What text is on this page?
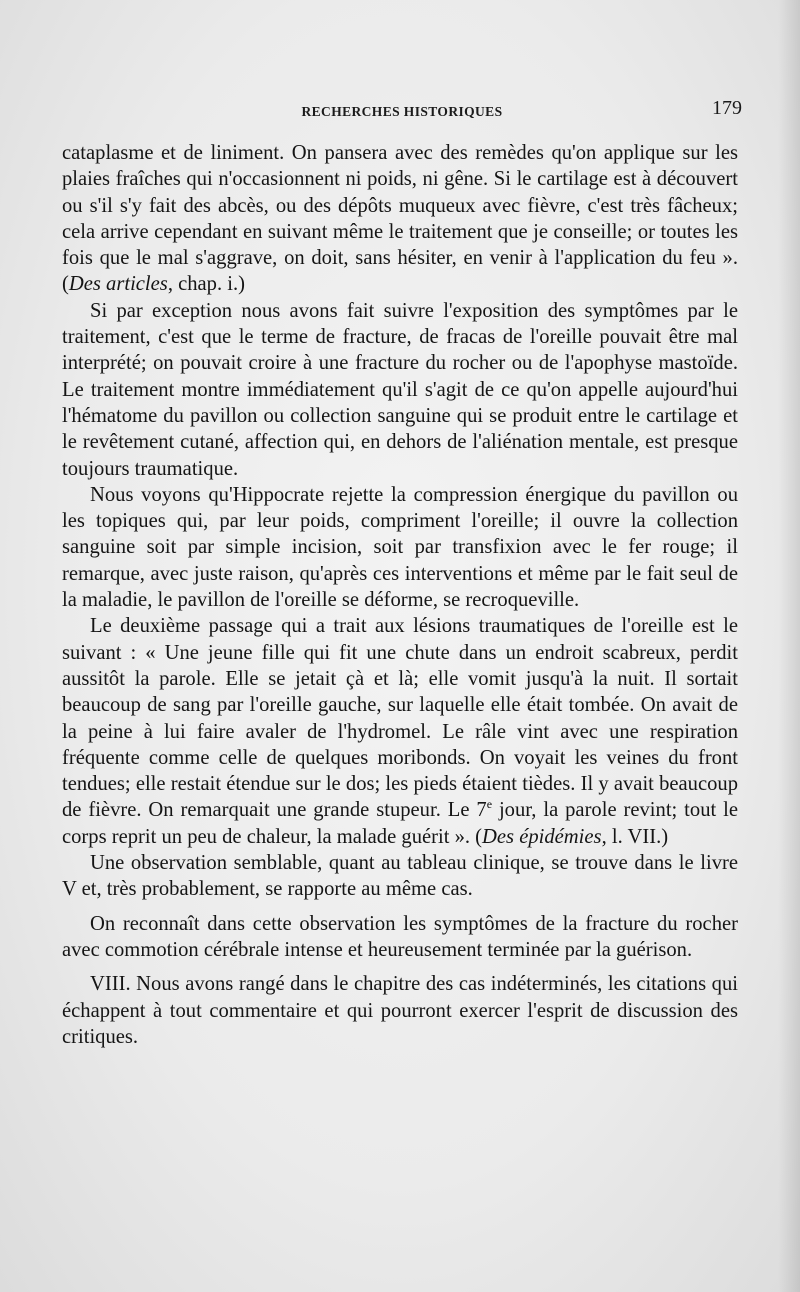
RECHERCHES HISTORIQUES	179

cataplasme et de liniment. On pansera avec des remèdes qu'on applique sur les plaies fraîches qui n'occasionnent ni poids, ni gêne. Si le cartilage est à découvert ou s'il s'y fait des abcès, ou des dépôts muqueux avec fièvre, c'est très fâcheux; cela arrive cependant en suivant même le traitement que je conseille; or toutes les fois que le mal s'aggrave, on doit, sans hésiter, en venir à l'application du feu ». (Des articles, chap. i.)

Si par exception nous avons fait suivre l'exposition des symptômes par le traitement, c'est que le terme de fracture, de fracas de l'oreille pouvait être mal interprété; on pouvait croire à une fracture du rocher ou de l'apophyse mastoïde. Le traitement montre immédiatement qu'il s'agit de ce qu'on appelle aujourd'hui l'hématome du pavillon ou collection sanguine qui se produit entre le cartilage et le revêtement cutané, affection qui, en dehors de l'aliénation mentale, est presque toujours traumatique.

Nous voyons qu'Hippocrate rejette la compression énergique du pavillon ou les topiques qui, par leur poids, compriment l'oreille; il ouvre la collection sanguine soit par simple incision, soit par transfixion avec le fer rouge; il remarque, avec juste raison, qu'après ces interventions et même par le fait seul de la maladie, le pavillon de l'oreille se déforme, se recroqueville.

Le deuxième passage qui a trait aux lésions traumatiques de l'oreille est le suivant : « Une jeune fille qui fit une chute dans un endroit scabreux, perdit aussitôt la parole. Elle se jetait çà et là; elle vomit jusqu'à la nuit. Il sortait beaucoup de sang par l'oreille gauche, sur laquelle elle était tombée. On avait de la peine à lui faire avaler de l'hydromel. Le râle vint avec une respiration fréquente comme celle de quelques moribonds. On voyait les veines du front tendues; elle restait étendue sur le dos; les pieds étaient tièdes. Il y avait beaucoup de fièvre. On remarquait une grande stupeur. Le 7e jour, la parole revint; tout le corps reprit un peu de chaleur, la malade guérit ». (Des épidémies, l. VII.)

Une observation semblable, quant au tableau clinique, se trouve dans le livre V et, très probablement, se rapporte au même cas.

On reconnaît dans cette observation les symptômes de la fracture du rocher avec commotion cérébrale intense et heureusement terminée par la guérison.

VIII. Nous avons rangé dans le chapitre des cas indéterminés, les citations qui échappent à tout commentaire et qui pourront exercer l'esprit de discussion des critiques.
